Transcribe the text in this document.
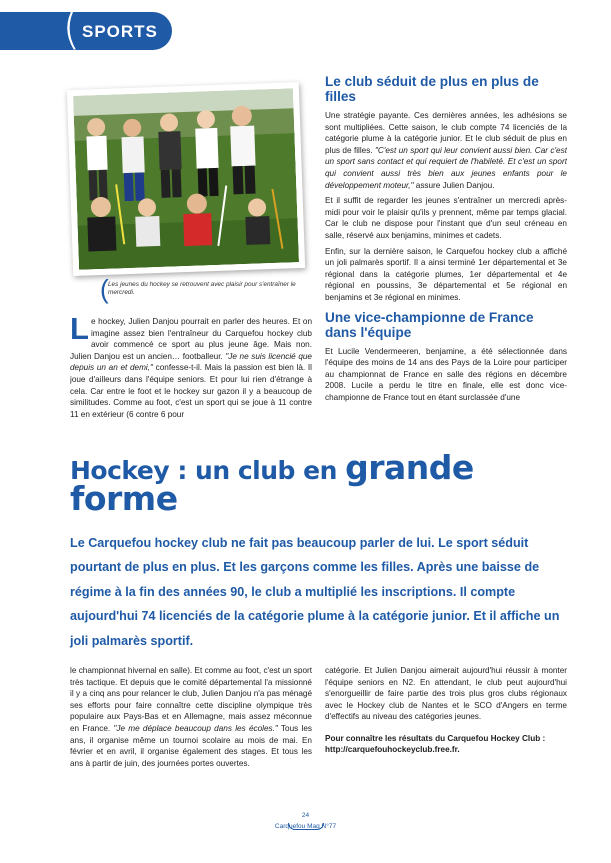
( SPORTS
( Les jeunes du hockey se retrouvent avec plaisir pour s'entraîner le mercredi.

Le hockey, Julien Danjou pourrait en parler des heures. Et on imagine assez bien l'entraîneur du Carquefou hockey club avoir commencé ce sport au plus jeune âge. Mais non. Julien Danjou est un ancien… footballeur. "Je ne suis licencié que depuis un an et demi," confesse-t-il. Mais la passion est bien là. Il joue d'ailleurs dans l'équipe seniors. Et pour lui rien d'étrange à cela. Car entre le foot et le hockey sur gazon il y a beaucoup de similitudes. Comme au foot, c'est un sport qui se joue à 11 contre 11 en extérieur (6 contre 6 pour

Le club séduit de plus en plus de filles

Une stratégie payante. Ces dernières années, les adhésions se sont multipliées. Cette saison, le club compte 74 licenciés de la catégorie plume à la catégorie junior. Et le club séduit de plus en plus de filles. "C'est un sport qui leur convient aussi bien. Car c'est un sport sans contact et qui requiert de l'habileté. Et c'est un sport qui convient aussi très bien aux jeunes enfants pour le développement moteur," assure Julien Danjou.

Et il suffit de regarder les jeunes s'entraîner un mercredi après-midi pour voir le plaisir qu'ils y prennent, même par temps glacial. Car le club ne dispose pour l'instant que d'un seul créneau en salle, réservé aux benjamins, minimes et cadets.

Enfin, sur la dernière saison, le Carquefou hockey club a affiché un joli palmarès sportif. Il a ainsi terminé 1er départemental et 3e régional dans la catégorie plumes, 1er départemental et 4e régional en poussins, 3e départemental et 5e régional en benjamins et 3e régional en minimes.

Une vice-championne de France dans l'équipe

Et Lucile Vendermeeren, benjamine, a été sélectionnée dans l'équipe des moins de 14 ans des Pays de la Loire pour participer au championnat de France en salle des régions en décembre 2008. Lucile a perdu le titre en finale, elle est donc vice-championne de France tout en étant surclassée d'une

Hockey : un club en grande
forme

Le Carquefou hockey club ne fait pas beaucoup parler de lui. Le sport séduit pourtant de plus en plus. Et les garçons comme les filles. Après une baisse de régime à la fin des années 90, le club a multiplié les inscriptions. Il compte aujourd'hui 74 licenciés de la catégorie plume à la catégorie junior. Et il affiche un joli palmarès sportif.

le championnat hivernal en salle). Et comme au foot, c'est un sport très tactique. Et depuis que le comité départemental l'a missionné il y a cinq ans pour relancer le club, Julien Danjou n'a pas ménagé ses efforts pour faire connaître cette discipline olympique très populaire aux Pays-Bas et en Allemagne, mais assez méconnue en France. "Je me déplace beaucoup dans les écoles." Tous les ans, il organise même un tournoi scolaire au mois de mai. En février et en avril, il organise également des stages. Et tous les ans à partir de juin, des journées portes ouvertes.

catégorie. Et Julien Danjou aimerait aujourd'hui réussir à monter l'équipe seniors en N2. En attendant, le club peut aujourd'hui s'enorgueillir de faire partie des trois plus gros clubs régionaux avec le Hockey club de Nantes et le SCO d'Angers en terme d'effectifs au niveau des catégories jeunes.

Pour connaître les résultats du Carquefou Hockey Club : http://carquefouhockeyclub.free.fr.

24
Carquefou Mag N°77
